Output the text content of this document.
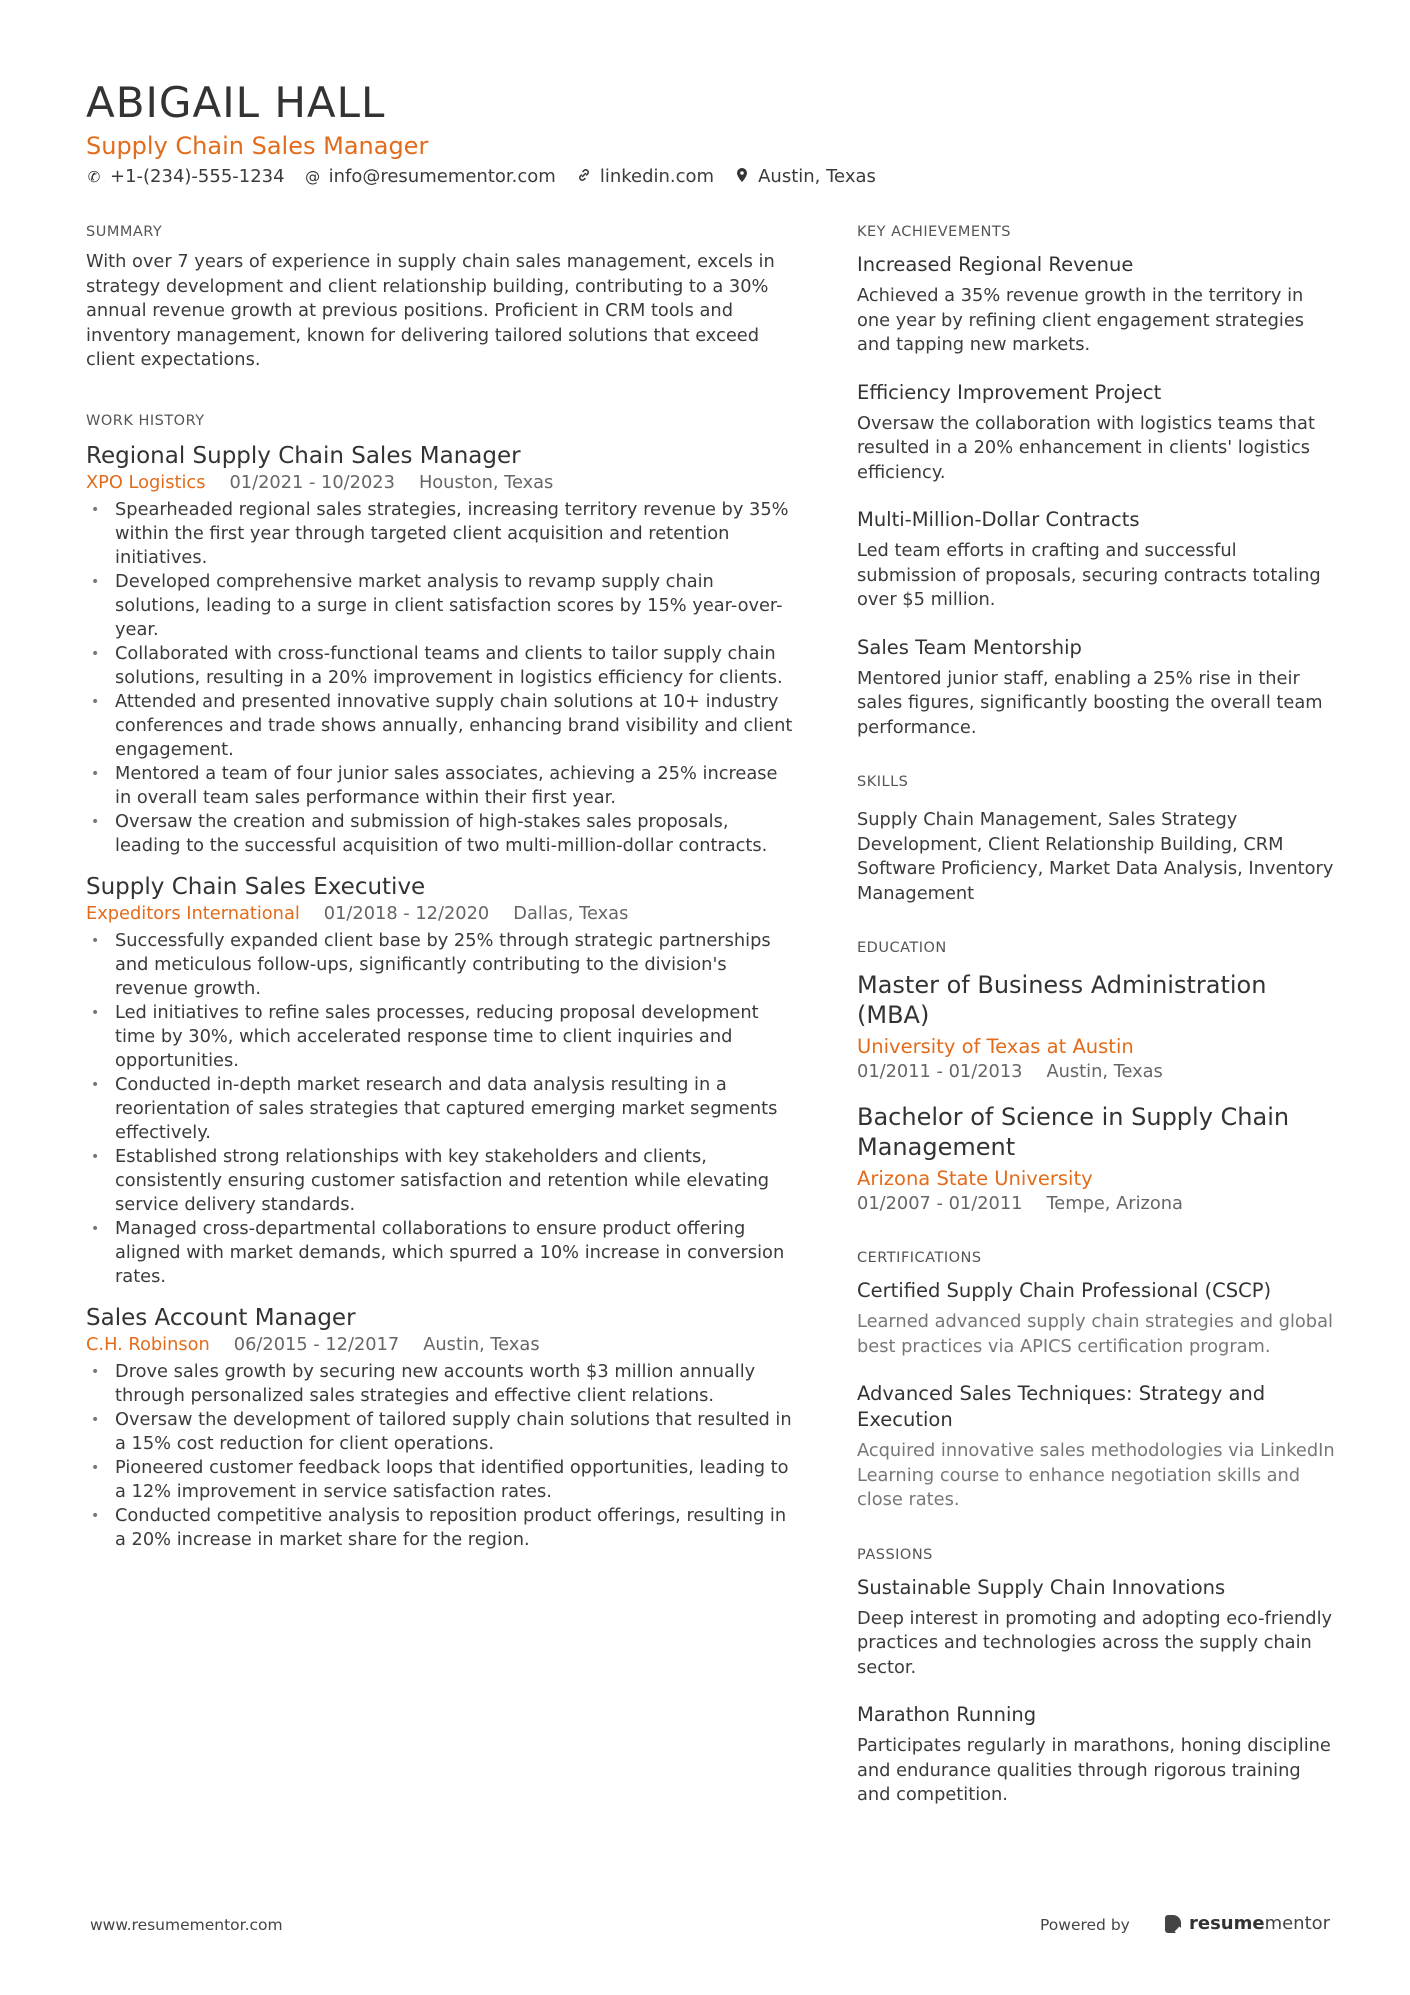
ABIGAIL HALL
Supply Chain Sales Manager
✆ +1-(234)-555-1234 @ info@resumementor.com linkedin.com Austin, Texas
SUMMARY

With over 7 years of experience in supply chain sales management, excels in strategy development and client relationship building, contributing to a 30% annual revenue growth at previous positions. Proficient in CRM tools and inventory management, known for delivering tailored solutions that exceed client expectations.

WORK HISTORY
Regional Supply Chain Sales Manager
XPO Logistics 01/2021 - 10/2023 Houston, Texas
• Spearheaded regional sales strategies, increasing territory revenue by 35% within the first year through targeted client acquisition and retention initiatives.
• Developed comprehensive market analysis to revamp supply chain solutions, leading to a surge in client satisfaction scores by 15% year-over-year.
• Collaborated with cross-functional teams and clients to tailor supply chain solutions, resulting in a 20% improvement in logistics efficiency for clients.
• Attended and presented innovative supply chain solutions at 10+ industry conferences and trade shows annually, enhancing brand visibility and client engagement.
• Mentored a team of four junior sales associates, achieving a 25% increase in overall team sales performance within their first year.
• Oversaw the creation and submission of high-stakes sales proposals, leading to the successful acquisition of two multi-million-dollar contracts.
Supply Chain Sales Executive
Expeditors International 01/2018 - 12/2020 Dallas, Texas
• Successfully expanded client base by 25% through strategic partnerships and meticulous follow-ups, significantly contributing to the division's revenue growth.
• Led initiatives to refine sales processes, reducing proposal development time by 30%, which accelerated response time to client inquiries and opportunities.
• Conducted in-depth market research and data analysis resulting in a reorientation of sales strategies that captured emerging market segments effectively.
• Established strong relationships with key stakeholders and clients, consistently ensuring customer satisfaction and retention while elevating service delivery standards.
• Managed cross-departmental collaborations to ensure product offering aligned with market demands, which spurred a 10% increase in conversion rates.
Sales Account Manager
C.H. Robinson 06/2015 - 12/2017 Austin, Texas
• Drove sales growth by securing new accounts worth $3 million annually through personalized sales strategies and effective client relations.
• Oversaw the development of tailored supply chain solutions that resulted in a 15% cost reduction for client operations.
• Pioneered customer feedback loops that identified opportunities, leading to a 12% improvement in service satisfaction rates.
• Conducted competitive analysis to reposition product offerings, resulting in a 20% increase in market share for the region.
KEY ACHIEVEMENTS
Increased Regional Revenue

Achieved a 35% revenue growth in the territory in one year by refining client engagement strategies and tapping new markets.

Efficiency Improvement Project

Oversaw the collaboration with logistics teams that resulted in a 20% enhancement in clients' logistics efficiency.

Multi-Million-Dollar Contracts

Led team efforts in crafting and successful submission of proposals, securing contracts totaling over $5 million.

Sales Team Mentorship

Mentored junior staff, enabling a 25% rise in their sales figures, significantly boosting the overall team performance.

SKILLS

Supply Chain Management, Sales Strategy Development, Client Relationship Building, CRM Software Proficiency, Market Data Analysis, Inventory Management

EDUCATION
Master of Business Administration (MBA)
University of Texas at Austin
01/2011 - 01/2013 Austin, Texas
Bachelor of Science in Supply Chain Management
Arizona State University
01/2007 - 01/2011 Tempe, Arizona
CERTIFICATIONS
Certified Supply Chain Professional (CSCP)

Learned advanced supply chain strategies and global best practices via APICS certification program.

Advanced Sales Techniques: Strategy and Execution

Acquired innovative sales methodologies via LinkedIn Learning course to enhance negotiation skills and close rates.

PASSIONS
Sustainable Supply Chain Innovations

Deep interest in promoting and adopting eco-friendly practices and technologies across the supply chain sector.

Marathon Running

Participates regularly in marathons, honing discipline and endurance qualities through rigorous training and competition.

www.resumementor.com	Powered by	resume mentor
